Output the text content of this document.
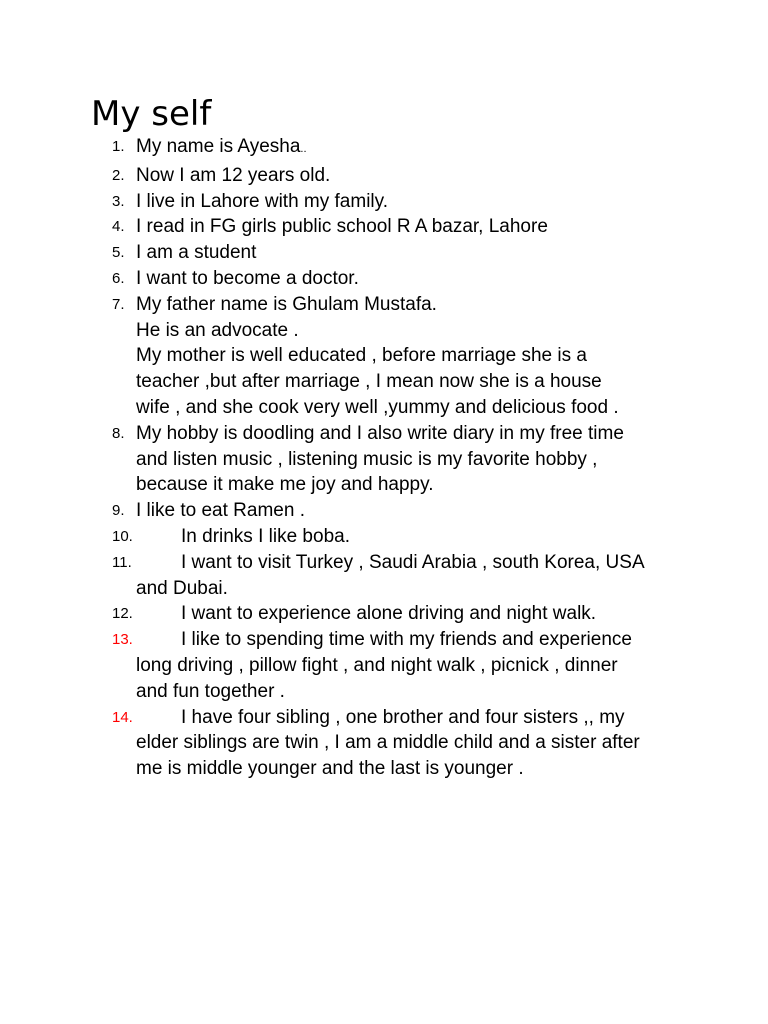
My self
1. My name is Ayesha..
2. Now I am 12 years old.
3. I live in Lahore with my family.
4. I read in FG girls public school R A bazar, Lahore
5. I am a student
6. I want to become a doctor.
7. My father name is Ghulam Mustafa.
He is an advocate .
My mother is well educated , before marriage she is a
teacher ,but after marriage , I mean now she is a house
wife , and she cook very well ,yummy and delicious food .
8. My hobby is doodling and I also write diary in my free time
and listen music , listening music is my favorite hobby ,
because it make me joy and happy.
9. I like to eat Ramen .
10.	In drinks I like boba.
11.	I want to visit Turkey , Saudi Arabia , south Korea, USA
and Dubai.
12.	I want to experience alone driving and night walk.
13.	I like to spending time with my friends and experience
long driving , pillow fight , and night walk , picnick , dinner
and fun together .
14.	I have four sibling , one brother and four sisters ,, my
elder siblings are twin , I am a middle child and a sister after
me is middle younger and the last is younger .
